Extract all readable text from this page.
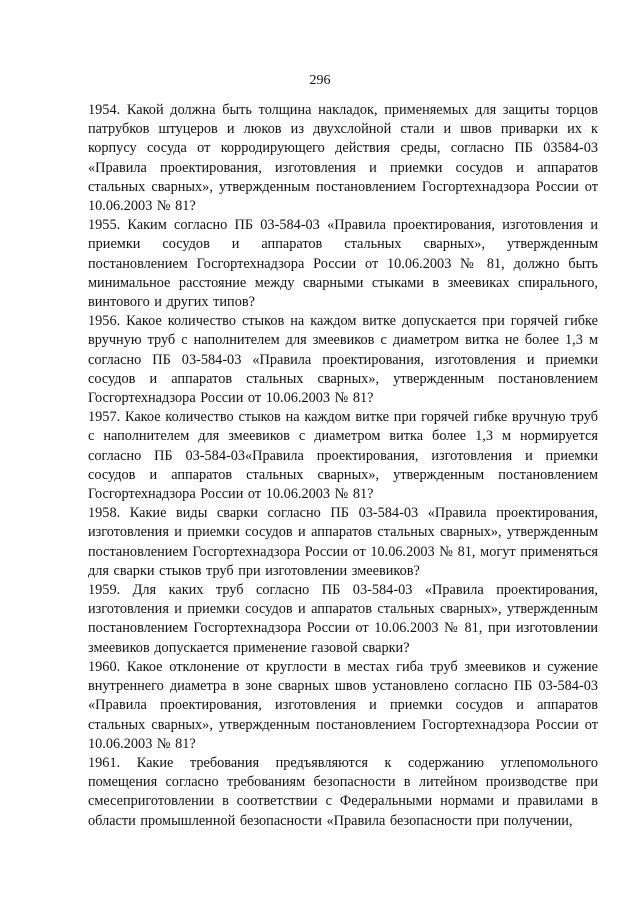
296

1954. Какой должна быть толщина накладок, применяемых для защиты торцов патрубков штуцеров и люков из двухслойной стали и швов приварки их к корпусу сосуда от корродирующего действия среды, согласно ПБ 03584-03 «Правила проектирования, изготовления и приемки сосудов и аппаратов стальных сварных», утвержденным постановлением Госгортехнадзора России от 10.06.2003 № 81?

1955. Каким согласно ПБ 03-584-03 «Правила проектирования, изготовления и приемки сосудов и аппаратов стальных сварных», утвержденным постановлением Госгортехнадзора России от 10.06.2003 № 81, должно быть минимальное расстояние между сварными стыками в змеевиках спирального, винтового и других типов?

1956. Какое количество стыков на каждом витке допускается при горячей гибке вручную труб с наполнителем для змеевиков с диаметром витка не более 1,3 м согласно ПБ 03-584-03 «Правила проектирования, изготовления и приемки сосудов и аппаратов стальных сварных», утвержденным постановлением Госгортехнадзора России от 10.06.2003 № 81?

1957. Какое количество стыков на каждом витке при горячей гибке вручную труб с наполнителем для змеевиков с диаметром витка более 1,3 м нормируется согласно ПБ 03-584-03«Правила проектирования, изготовления и приемки сосудов и аппаратов стальных сварных», утвержденным постановлением Госгортехнадзора России от 10.06.2003 № 81?

1958. Какие виды сварки согласно ПБ 03-584-03 «Правила проектирования, изготовления и приемки сосудов и аппаратов стальных сварных», утвержденным постановлением Госгортехнадзора России от 10.06.2003 № 81, могут применяться для сварки стыков труб при изготовлении змеевиков?

1959. Для каких труб согласно ПБ 03-584-03 «Правила проектирования, изготовления и приемки сосудов и аппаратов стальных сварных», утвержденным постановлением Госгортехнадзора России от 10.06.2003 № 81, при изготовлении змеевиков допускается применение газовой сварки?

1960. Какое отклонение от круглости в местах гиба труб змеевиков и сужение внутреннего диаметра в зоне сварных швов установлено согласно ПБ 03-584-03 «Правила проектирования, изготовления и приемки сосудов и аппаратов стальных сварных», утвержденным постановлением Госгортехнадзора России от 10.06.2003 № 81?

1961. Какие требования предъявляются к содержанию углепомольного помещения согласно требованиям безопасности в литейном производстве при смесеприготовлении в соответствии с Федеральными нормами и правилами в области промышленной безопасности «Правила безопасности при получении,
